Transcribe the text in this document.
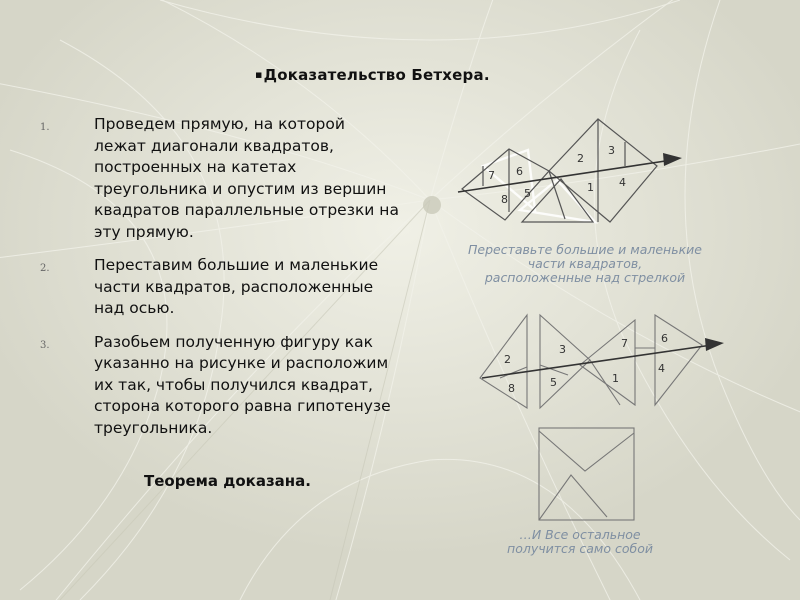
▪Доказательство Бетхера.
1.	Проведем прямую, на которой лежат диагонали квадратов, построенных на катетах треугольника и опустим из вершин квадратов параллельные отрезки на эту прямую.
2.	Переставим большие и маленькие части квадратов, расположенные над осью.
3.	Разобьем полученную фигуру как указанно на рисунке и расположим их так, чтобы получился квадрат, сторона которого равна гипотенузе треугольника.
Теорема доказана.
7 6
8 5
2
3
1 4
Переставьте большие и маленькие
части квадратов,
расположенные над стрелкой
2
8
3
5
7
1
6
4
…И Все остальное
получится само собой
